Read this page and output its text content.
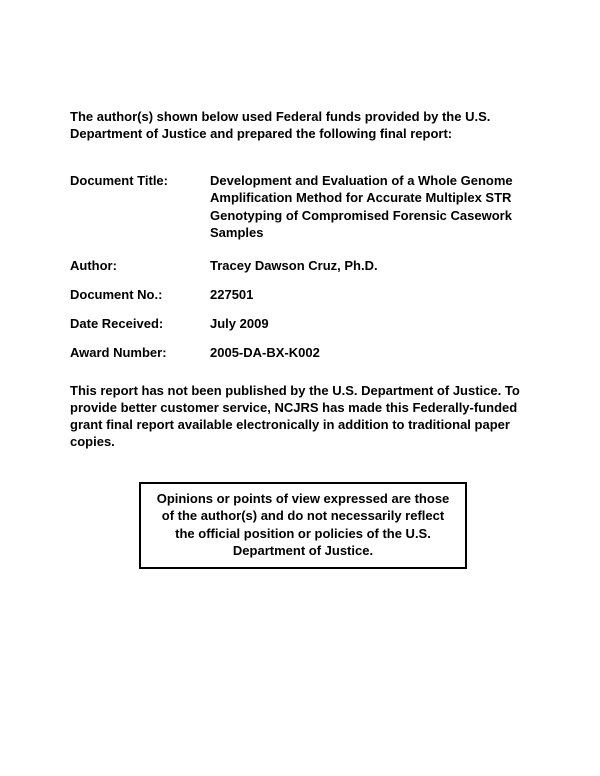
The author(s) shown below used Federal funds provided by the U.S. Department of Justice and prepared the following final report:

Document Title:	Development and Evaluation of a Whole Genome Amplification Method for Accurate Multiplex STR Genotyping of Compromised Forensic Casework Samples
Author:	Tracey Dawson Cruz, Ph.D.
Document No.:	227501
Date Received:	July 2009
Award Number:	2005-DA-BX-K002

This report has not been published by the U.S. Department of Justice. To provide better customer service, NCJRS has made this Federally-funded grant final report available electronically in addition to traditional paper copies.

Opinions or points of view expressed are those of the author(s) and do not necessarily reflect the official position or policies of the U.S. Department of Justice.
